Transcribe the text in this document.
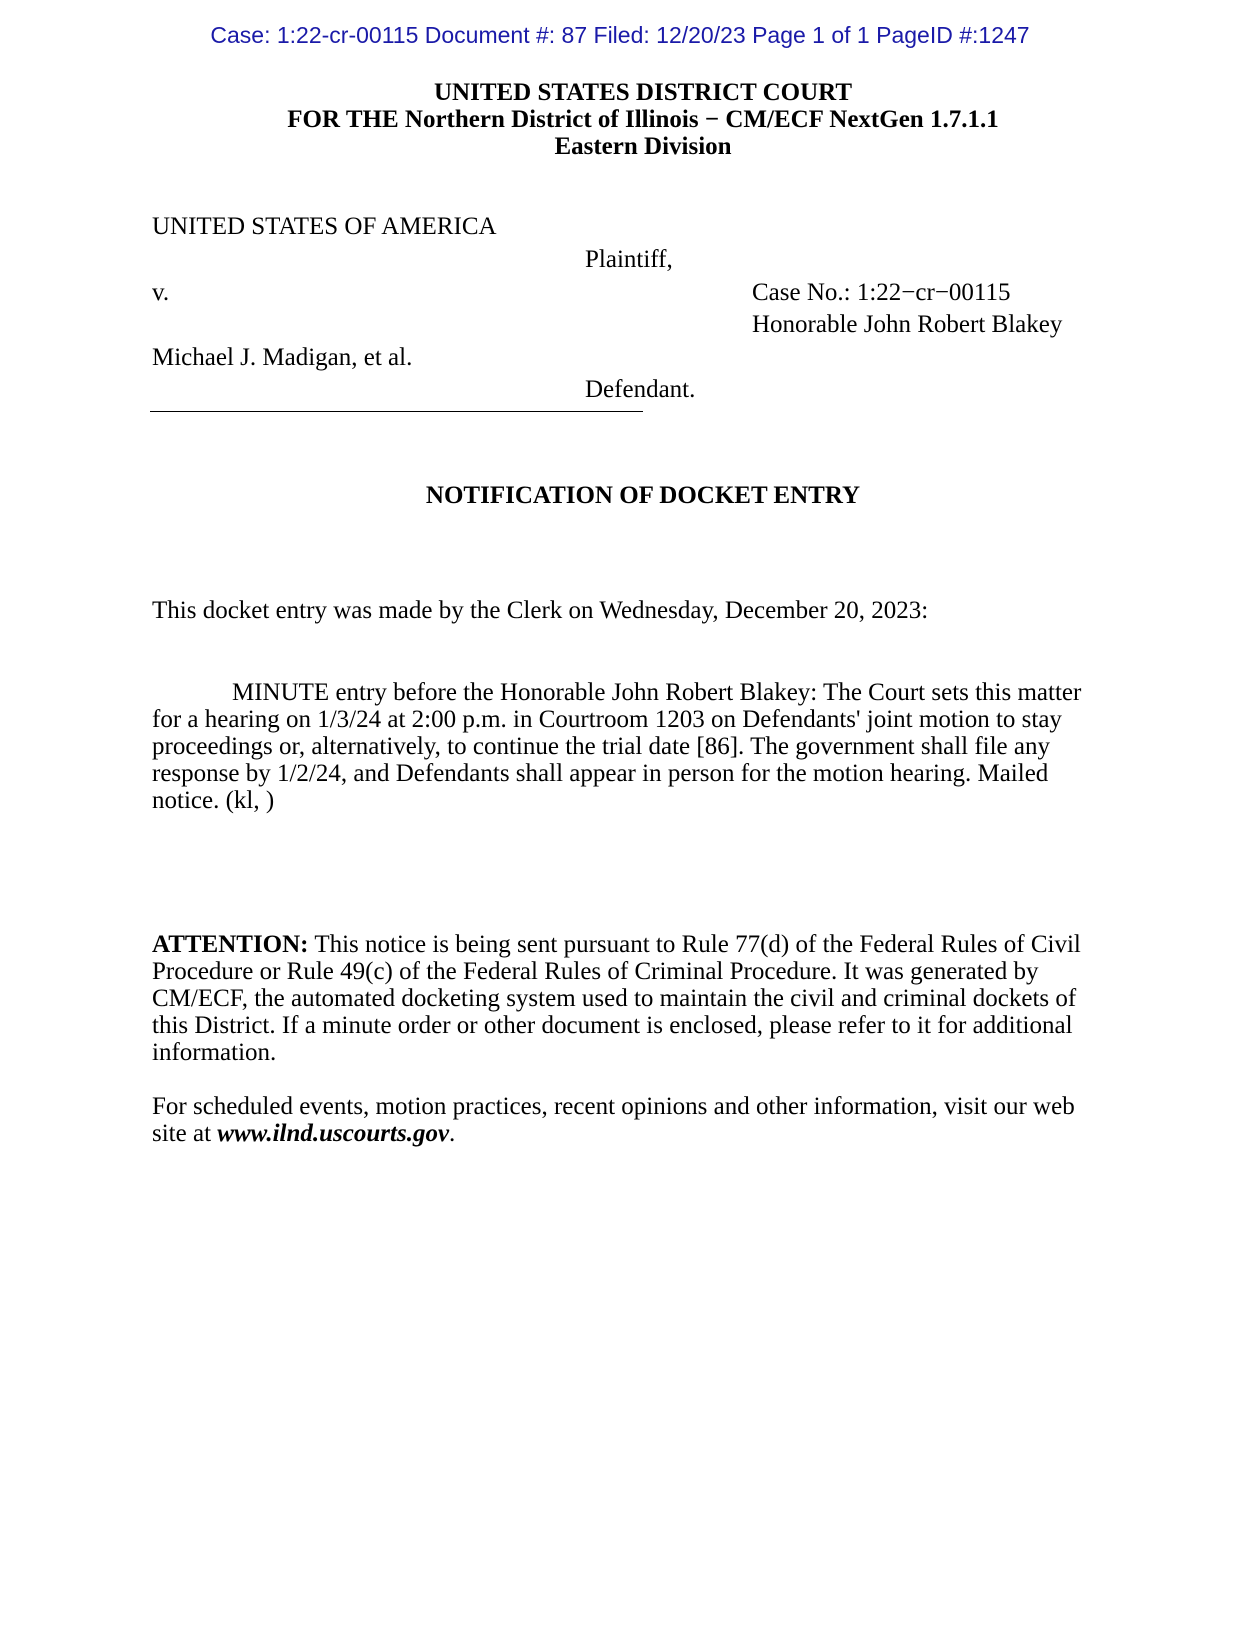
Case: 1:22-cr-00115 Document #: 87 Filed: 12/20/23 Page 1 of 1 PageID #:1247
UNITED STATES DISTRICT COURT
FOR THE Northern District of Illinois − CM/ECF NextGen 1.7.1.1
Eastern Division
UNITED STATES OF AMERICA
Plaintiff,
v.	Case No.: 1:22−cr−00115
Honorable John Robert Blakey
Michael J. Madigan, et al.
Defendant.
NOTIFICATION OF DOCKET ENTRY
This docket entry was made by the Clerk on Wednesday, December 20, 2023:
MINUTE entry before the Honorable John Robert Blakey: The Court sets this matter for a hearing on 1/3/24 at 2:00 p.m. in Courtroom 1203 on Defendants' joint motion to stay proceedings or, alternatively, to continue the trial date [86]. The government shall file any response by 1/2/24, and Defendants shall appear in person for the motion hearing. Mailed notice. (kl, )
ATTENTION: This notice is being sent pursuant to Rule 77(d) of the Federal Rules of Civil Procedure or Rule 49(c) of the Federal Rules of Criminal Procedure. It was generated by CM/ECF, the automated docketing system used to maintain the civil and criminal dockets of this District. If a minute order or other document is enclosed, please refer to it for additional information.
For scheduled events, motion practices, recent opinions and other information, visit our web site at www.ilnd.uscourts.gov.
